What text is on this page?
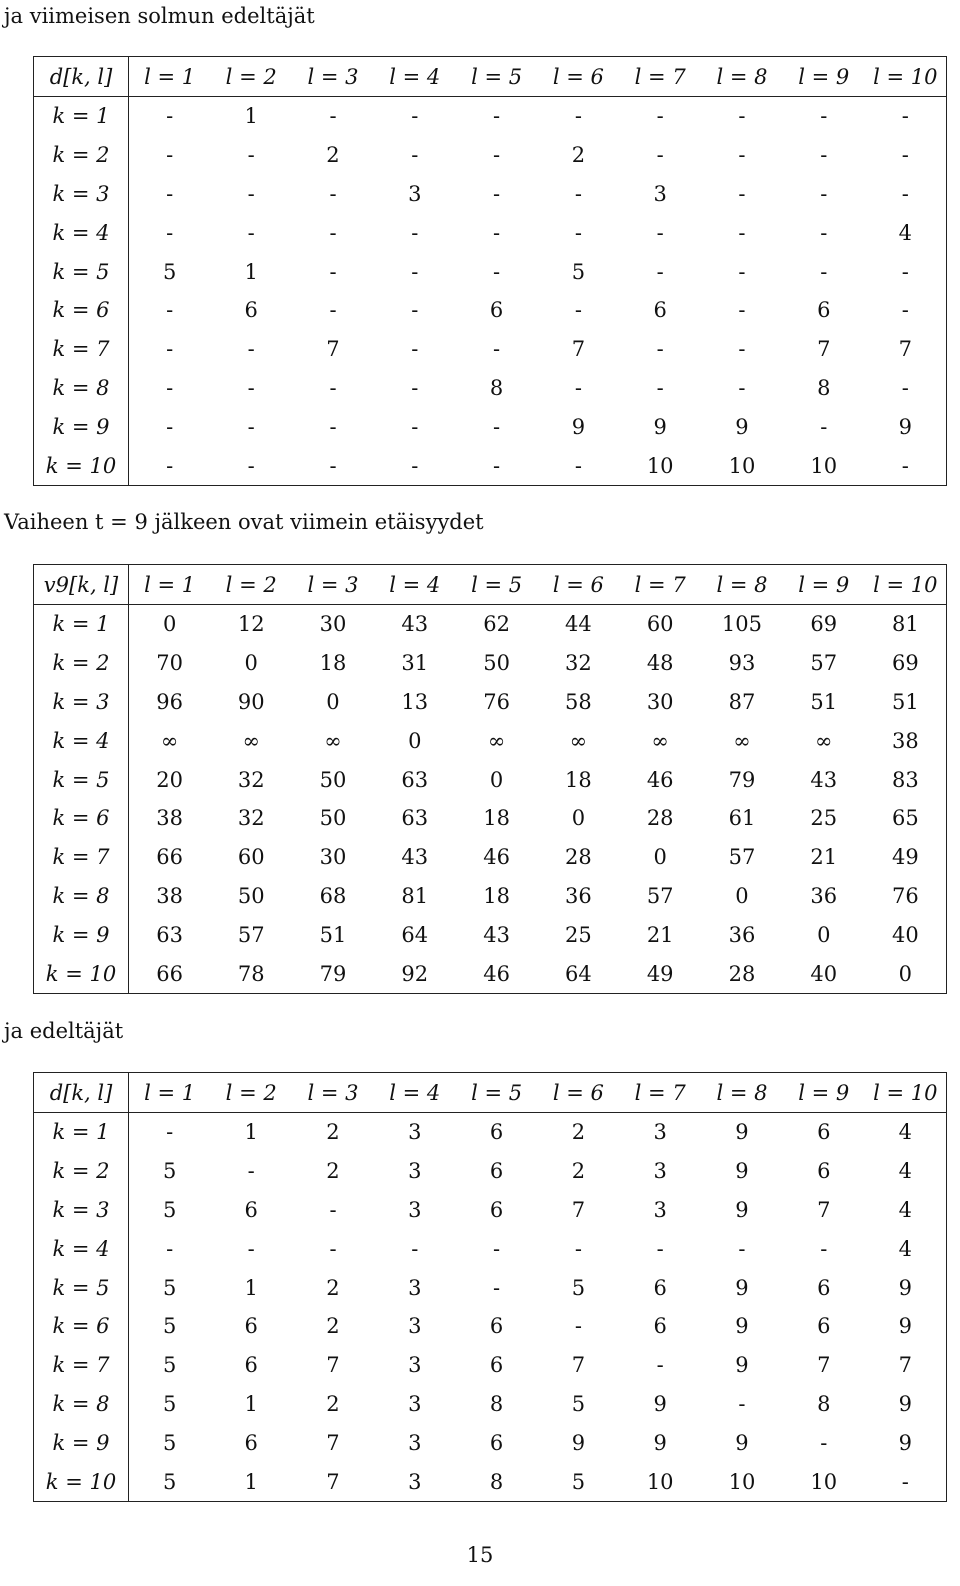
ja viimeisen solmun edeltäjät

d[k, l]	l = 1	l = 2	l = 3	l = 4	l = 5	l = 6	l = 7	l = 8	l = 9	l = 10
k = 1	-	1	-	-	-	-	-	-	-	-
k = 2	-	-	2	-	-	2	-	-	-	-
k = 3	-	-	-	3	-	-	3	-	-	-
k = 4	-	-	-	-	-	-	-	-	-	4
k = 5	5	1	-	-	-	5	-	-	-	-
k = 6	-	6	-	-	6	-	6	-	6	-
k = 7	-	-	7	-	-	7	-	-	7	7
k = 8	-	-	-	-	8	-	-	-	8	-
k = 9	-	-	-	-	-	9	9	9	-	9
k = 10	-	-	-	-	-	-	10	10	10	-

Vaiheen t = 9 jälkeen ovat viimein etäisyydet

v9[k, l]	l = 1	l = 2	l = 3	l = 4	l = 5	l = 6	l = 7	l = 8	l = 9	l = 10
k = 1	0	12	30	43	62	44	60	105	69	81
k = 2	70	0	18	31	50	32	48	93	57	69
k = 3	96	90	0	13	76	58	30	87	51	51
k = 4	∞	∞	∞	0	∞	∞	∞	∞	∞	38
k = 5	20	32	50	63	0	18	46	79	43	83
k = 6	38	32	50	63	18	0	28	61	25	65
k = 7	66	60	30	43	46	28	0	57	21	49
k = 8	38	50	68	81	18	36	57	0	36	76
k = 9	63	57	51	64	43	25	21	36	0	40
k = 10	66	78	79	92	46	64	49	28	40	0

ja edeltäjät

d[k, l]	l = 1	l = 2	l = 3	l = 4	l = 5	l = 6	l = 7	l = 8	l = 9	l = 10
k = 1	-	1	2	3	6	2	3	9	6	4
k = 2	5	-	2	3	6	2	3	9	6	4
k = 3	5	6	-	3	6	7	3	9	7	4
k = 4	-	-	-	-	-	-	-	-	-	4
k = 5	5	1	2	3	-	5	6	9	6	9
k = 6	5	6	2	3	6	-	6	9	6	9
k = 7	5	6	7	3	6	7	-	9	7	7
k = 8	5	1	2	3	8	5	9	-	8	9
k = 9	5	6	7	3	6	9	9	9	-	9
k = 10	5	1	7	3	8	5	10	10	10	-
15
